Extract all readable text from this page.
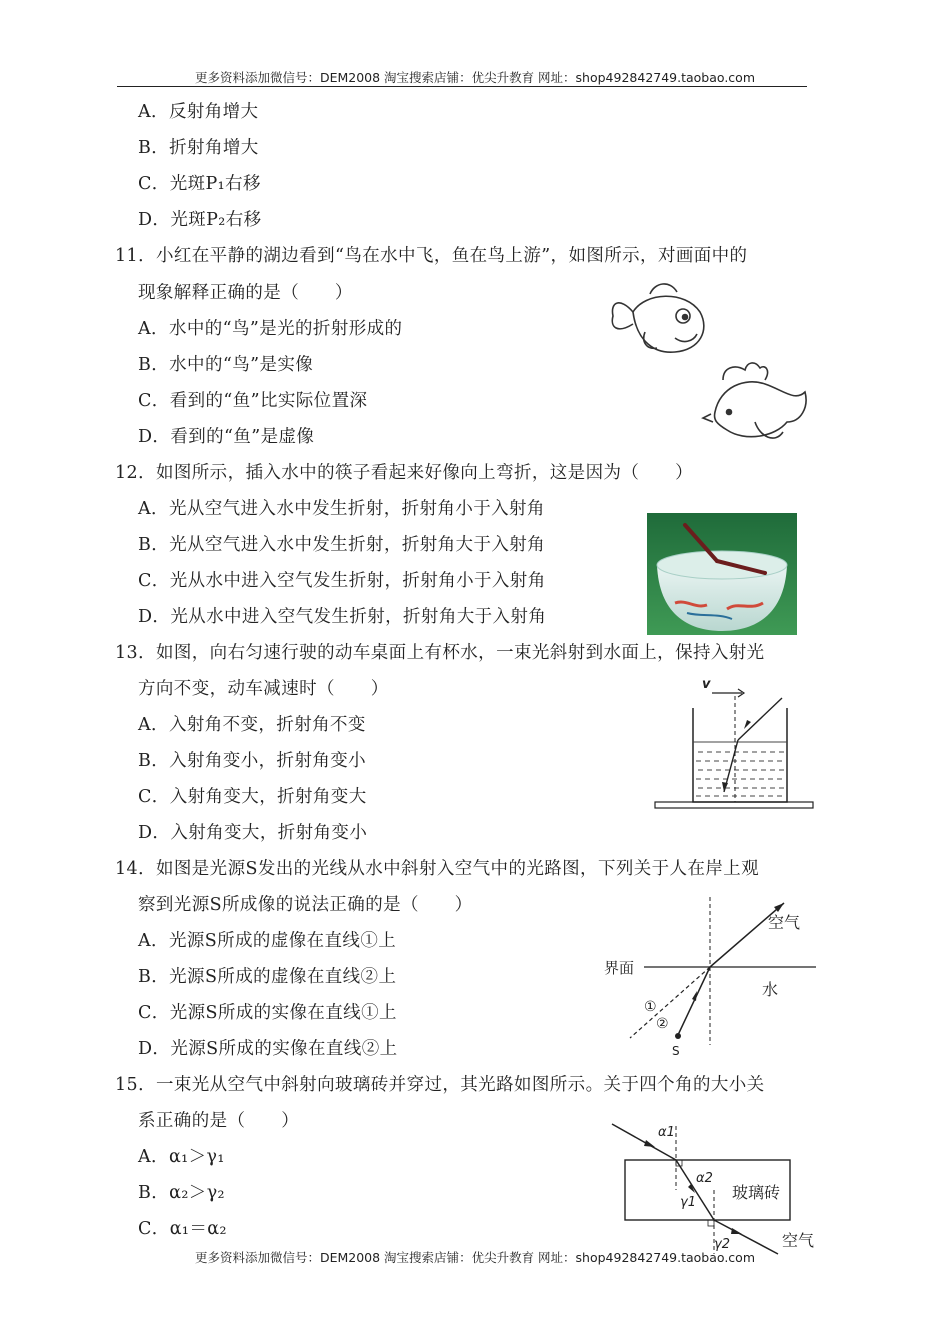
更多资料添加微信号：DEM2008 淘宝搜索店铺：优尖升教育 网址：shop492842749.taobao.com
A．反射角增大
B．折射角增大
C．光斑P₁右移
D．光斑P₂右移
11．小红在平静的湖边看到“鸟在水中飞，鱼在鸟上游”，如图所示，对画面中的
现象解释正确的是（　　）
A．水中的“鸟”是光的折射形成的
B．水中的“鸟”是实像
C．看到的“鱼”比实际位置深
D．看到的“鱼”是虚像
12．如图所示，插入水中的筷子看起来好像向上弯折，这是因为（　　）
A．光从空气进入水中发生折射，折射角小于入射角
B．光从空气进入水中发生折射，折射角大于入射角
C．光从水中进入空气发生折射，折射角小于入射角
D．光从水中进入空气发生折射，折射角大于入射角
13．如图，向右匀速行驶的动车桌面上有杯水，一束光斜射到水面上，保持入射光
方向不变，动车减速时（　　）
A．入射角不变，折射角不变
B．入射角变小，折射角变小
C．入射角变大，折射角变大
D．入射角变大，折射角变小
v
14．如图是光源S发出的光线从水中斜射入空气中的光路图，下列关于人在岸上观
察到光源S所成像的说法正确的是（　　）
A．光源S所成的虚像在直线①上
B．光源S所成的虚像在直线②上
C．光源S所成的实像在直线①上
D．光源S所成的实像在直线②上
界面
空气
水
①
②
S
15．一束光从空气中斜射向玻璃砖并穿过，其光路如图所示。关于四个角的大小关
系正确的是（　　）
A．α₁＞γ₁
B．α₂＞γ₂
C．α₁＝α₂
玻璃砖
α1
α2
γ1
γ2	空气
更多资料添加微信号：DEM2008 淘宝搜索店铺：优尖升教育 网址：shop492842749.taobao.com
